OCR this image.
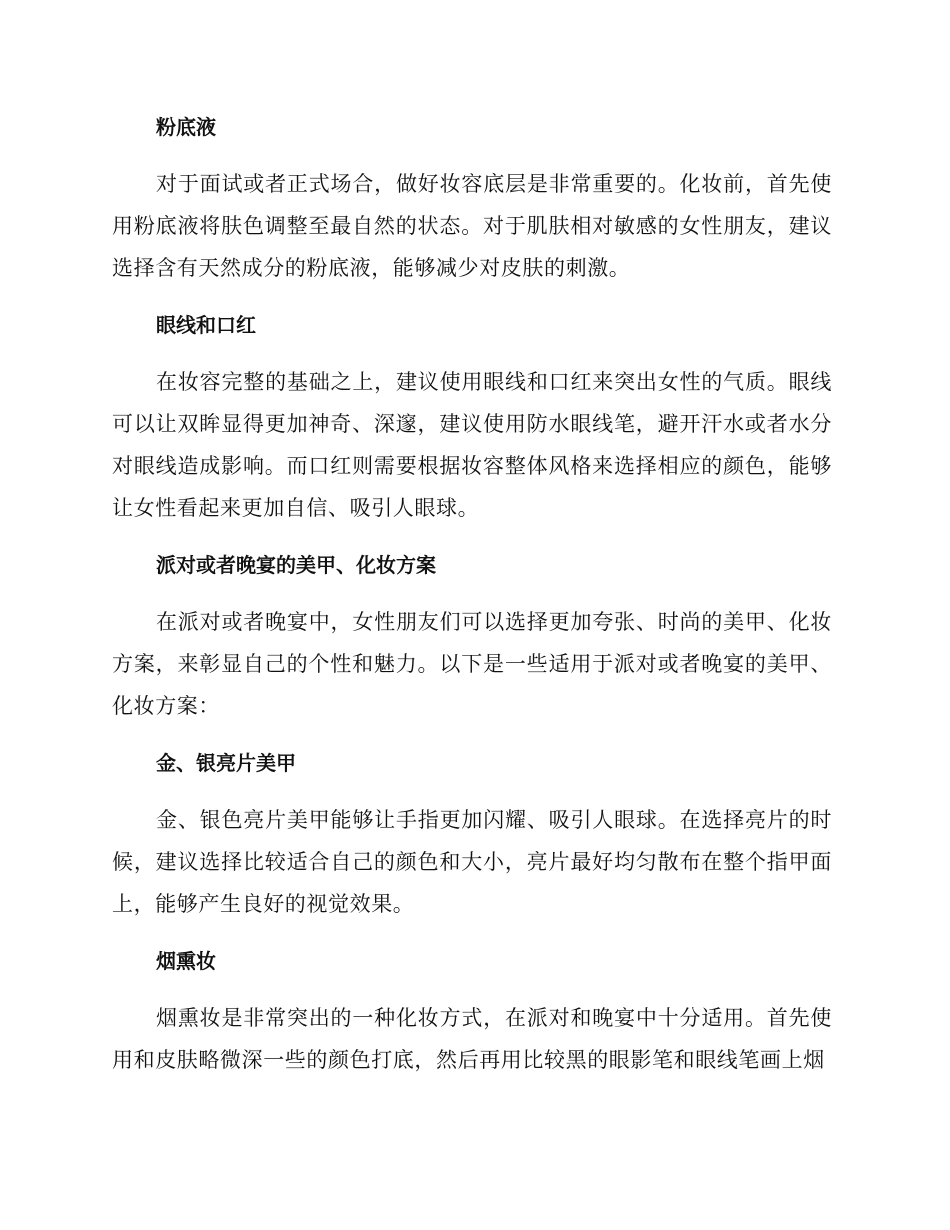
粉底液

对于面试或者正式场合，做好妆容底层是非常重要的。化妆前，首先使用粉底液将肤色调整至最自然的状态。对于肌肤相对敏感的女性朋友，建议选择含有天然成分的粉底液，能够减少对皮肤的刺激。

眼线和口红

在妆容完整的基础之上，建议使用眼线和口红来突出女性的气质。眼线可以让双眸显得更加神奇、深邃，建议使用防水眼线笔，避开汗水或者水分对眼线造成影响。而口红则需要根据妆容整体风格来选择相应的颜色，能够让女性看起来更加自信、吸引人眼球。

派对或者晚宴的美甲、化妆方案

在派对或者晚宴中，女性朋友们可以选择更加夸张、时尚的美甲、化妆方案，来彰显自己的个性和魅力。以下是一些适用于派对或者晚宴的美甲、化妆方案：

金、银亮片美甲

金、银色亮片美甲能够让手指更加闪耀、吸引人眼球。在选择亮片的时候，建议选择比较适合自己的颜色和大小，亮片最好均匀散布在整个指甲面上，能够产生良好的视觉效果。

烟熏妆

烟熏妆是非常突出的一种化妆方式，在派对和晚宴中十分适用。首先使用和皮肤略微深一些的颜色打底，然后再用比较黑的眼影笔和眼线笔画上烟
